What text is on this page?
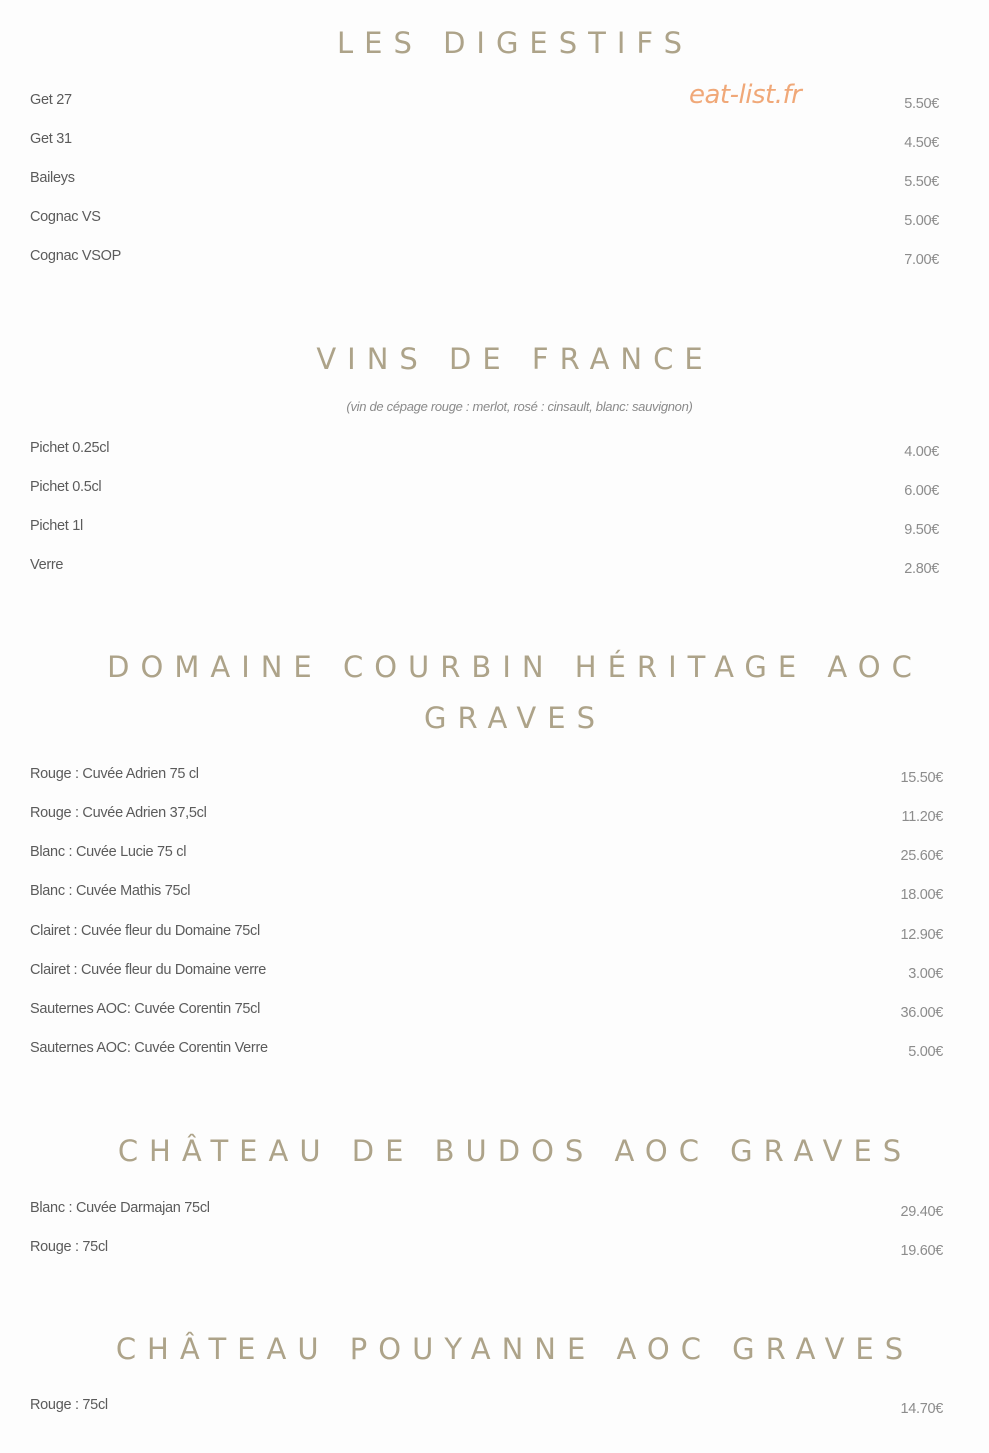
eat-list.fr
LES DIGESTIFS
Get 27	5.50€
Get 31	4.50€
Baileys	5.50€
Cognac VS	5.00€
Cognac VSOP	7.00€
VINS DE FRANCE
(vin de cépage rouge : merlot, rosé : cinsault, blanc: sauvignon)
Pichet 0.25cl	4.00€
Pichet 0.5cl	6.00€
Pichet 1l	9.50€
Verre	2.80€
DOMAINE COURBIN HÉRITAGE AOC
GRAVES
Rouge : Cuvée Adrien 75 cl	15.50€
Rouge : Cuvée Adrien 37,5cl	11.20€
Blanc : Cuvée Lucie 75 cl	25.60€
Blanc : Cuvée Mathis 75cl	18.00€
Clairet : Cuvée fleur du Domaine 75cl	12.90€
Clairet : Cuvée fleur du Domaine verre	3.00€
Sauternes AOC: Cuvée Corentin 75cl	36.00€
Sauternes AOC: Cuvée Corentin Verre	5.00€
CHÂTEAU DE BUDOS AOC GRAVES
Blanc : Cuvée Darmajan 75cl	29.40€
Rouge : 75cl	19.60€
CHÂTEAU POUYANNE AOC GRAVES
Rouge : 75cl	14.70€
